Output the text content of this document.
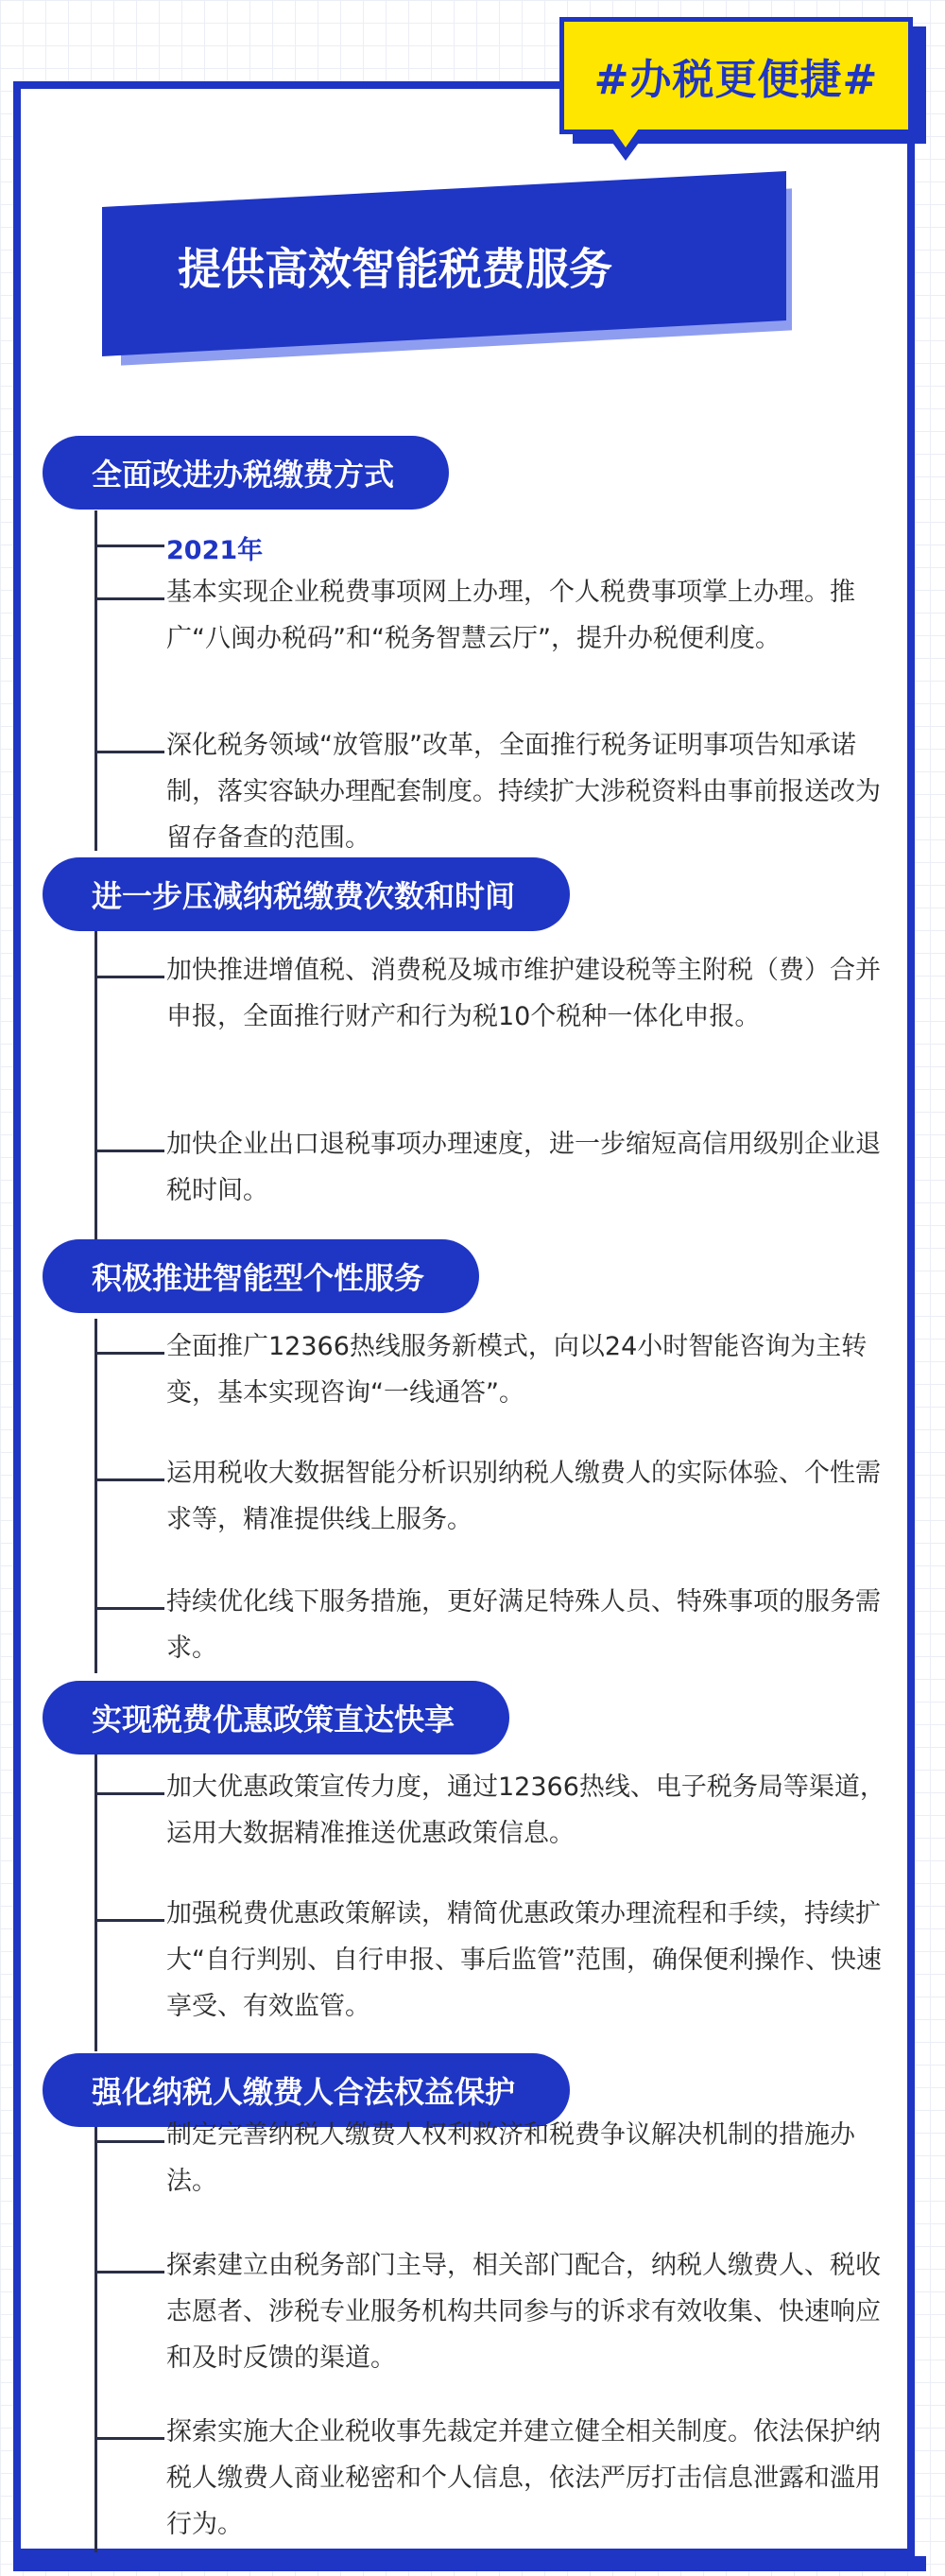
#办税更便捷#
提供高效智能税费服务
全面改进办税缴费方式
2021年

基本实现企业税费事项网上办理，个人税费事项掌上办理。推广“八闽办税码”和“税务智慧云厅”，提升办税便利度。

深化税务领域“放管服”改革，全面推行税务证明事项告知承诺制，落实容缺办理配套制度。持续扩大涉税资料由事前报送改为留存备查的范围。

进一步压减纳税缴费次数和时间

加快推进增值税、消费税及城市维护建设税等主附税（费）合并申报，全面推行财产和行为税10个税种一体化申报。

加快企业出口退税事项办理速度，进一步缩短高信用级别企业退税时间。

积极推进智能型个性服务

全面推广12366热线服务新模式，向以24小时智能咨询为主转变，基本实现咨询“一线通答”。

运用税收大数据智能分析识别纳税人缴费人的实际体验、个性需求等，精准提供线上服务。

持续优化线下服务措施，更好满足特殊人员、特殊事项的服务需求。

实现税费优惠政策直达快享

加大优惠政策宣传力度，通过12366热线、电子税务局等渠道，运用大数据精准推送优惠政策信息。

加强税费优惠政策解读，精简优惠政策办理流程和手续，持续扩大“自行判别、自行申报、事后监管”范围，确保便利操作、快速享受、有效监管。

强化纳税人缴费人合法权益保护

制定完善纳税人缴费人权利救济和税费争议解决机制的措施办法。

探索建立由税务部门主导，相关部门配合，纳税人缴费人、税收志愿者、涉税专业服务机构共同参与的诉求有效收集、快速响应和及时反馈的渠道。

探索实施大企业税收事先裁定并建立健全相关制度。依法保护纳税人缴费人商业秘密和个人信息，依法严厉打击信息泄露和滥用行为。
